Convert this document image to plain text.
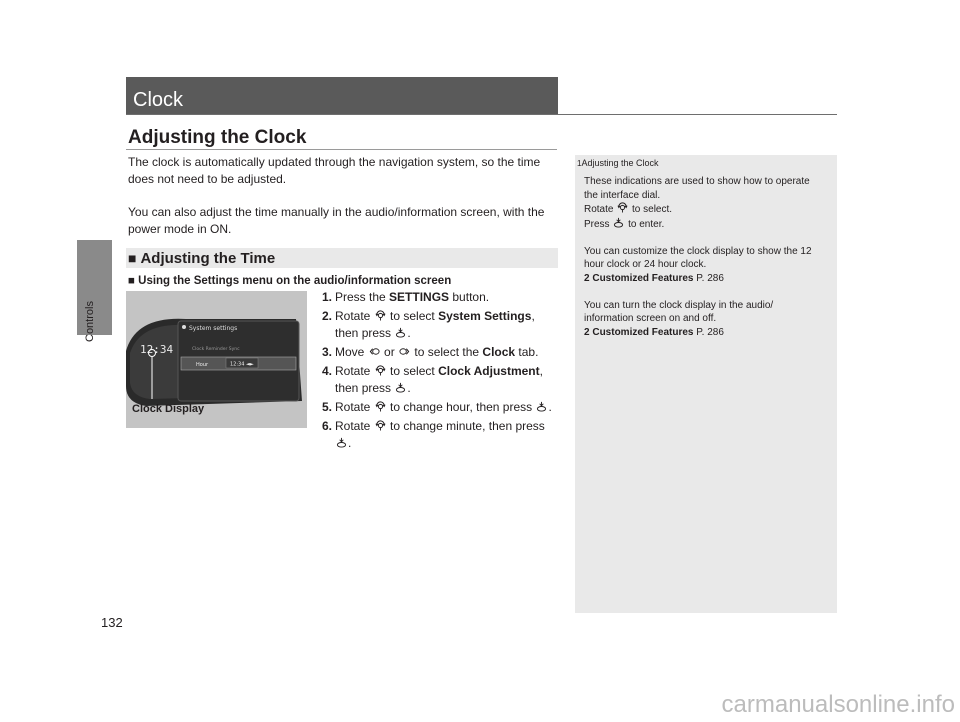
Controls
132
Clock
Adjusting the Clock

The clock is automatically updated through the navigation system, so the time does not need to be adjusted.

You can also adjust the time manually in the audio/information screen, with the power mode in ON.

■ Adjusting the Time
■ Using the Settings menu on the audio/information screen
System settings
Clock Reminder Sync
Hour	12:34 ◄►
12:34
Clock Display
1. Press the SETTINGS button.
2. Rotate  to select System Settings, then press .
3. Move  or  to select the Clock tab.
4. Rotate  to select Clock Adjustment, then press .
5. Rotate  to change hour, then press .
6. Rotate  to change minute, then press .
1Adjusting the Clock

These indications are used to show how to operate

the interface dial.

Rotate  to select.

Press  to enter.

You can customize the clock display to show the 12

hour clock or 24 hour clock.

2 Customized Features P. 286

You can turn the clock display in the audio/

information screen on and off.

2 Customized Features P. 286

carmanualsonline.info
